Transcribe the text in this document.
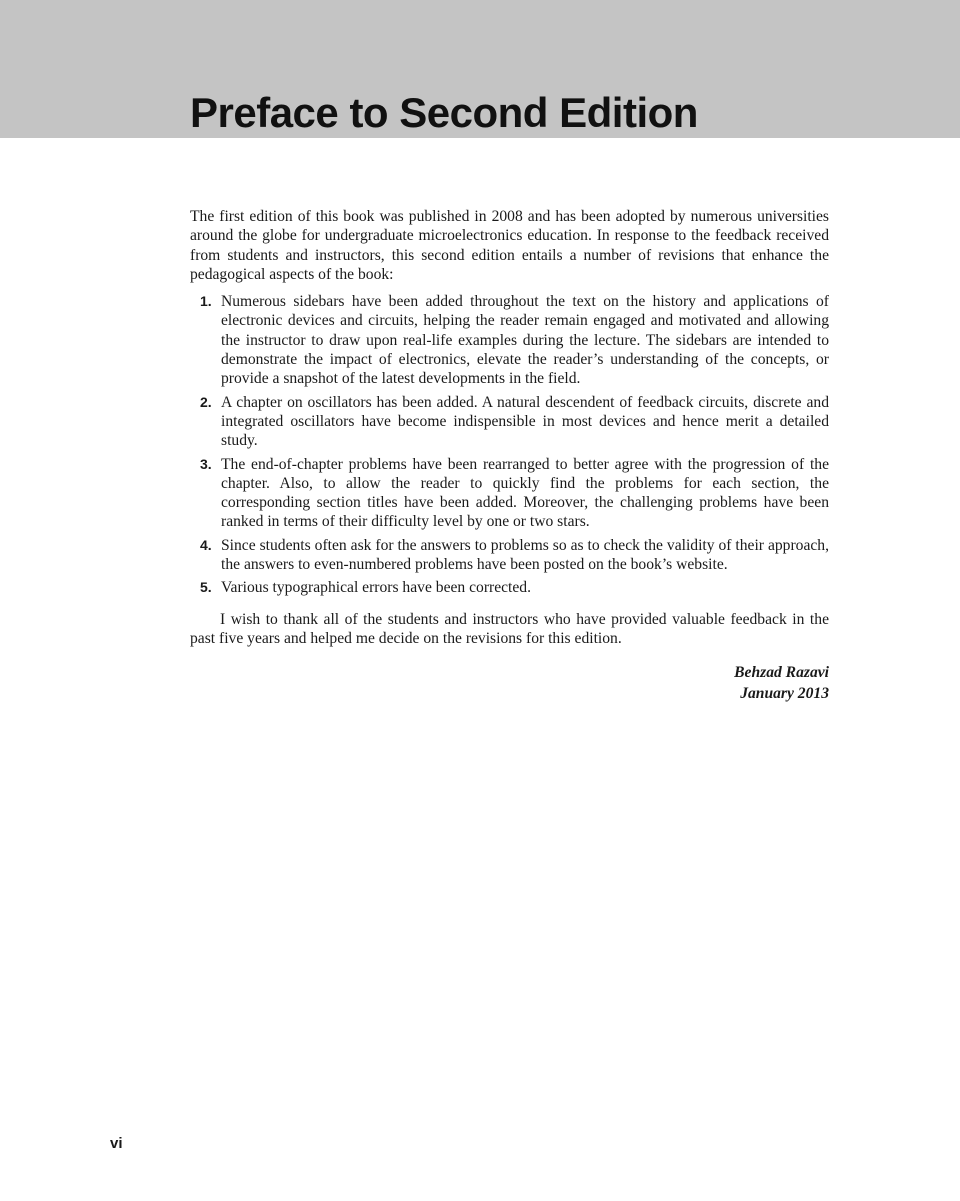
Preface to Second Edition

The first edition of this book was published in 2008 and has been adopted by numerous universities around the globe for undergraduate microelectronics education. In response to the feedback received from students and instructors, this second edition entails a number of revisions that enhance the pedagogical aspects of the book:

1. Numerous sidebars have been added throughout the text on the history and applications of electronic devices and circuits, helping the reader remain engaged and motivated and allowing the instructor to draw upon real-life examples during the lecture. The sidebars are intended to demonstrate the impact of electronics, elevate the reader’s understanding of the concepts, or provide a snapshot of the latest developments in the field.
2. A chapter on oscillators has been added. A natural descendent of feedback circuits, discrete and integrated oscillators have become indispensible in most devices and hence merit a detailed study.
3. The end-of-chapter problems have been rearranged to better agree with the progression of the chapter. Also, to allow the reader to quickly find the problems for each section, the corresponding section titles have been added. Moreover, the challenging problems have been ranked in terms of their difficulty level by one or two stars.
4. Since students often ask for the answers to problems so as to check the validity of their approach, the answers to even-numbered problems have been posted on the book’s website.
5. Various typographical errors have been corrected.

I wish to thank all of the students and instructors who have provided valuable feedback in the past five years and helped me decide on the revisions for this edition.

Behzad Razavi
January 2013
vi
